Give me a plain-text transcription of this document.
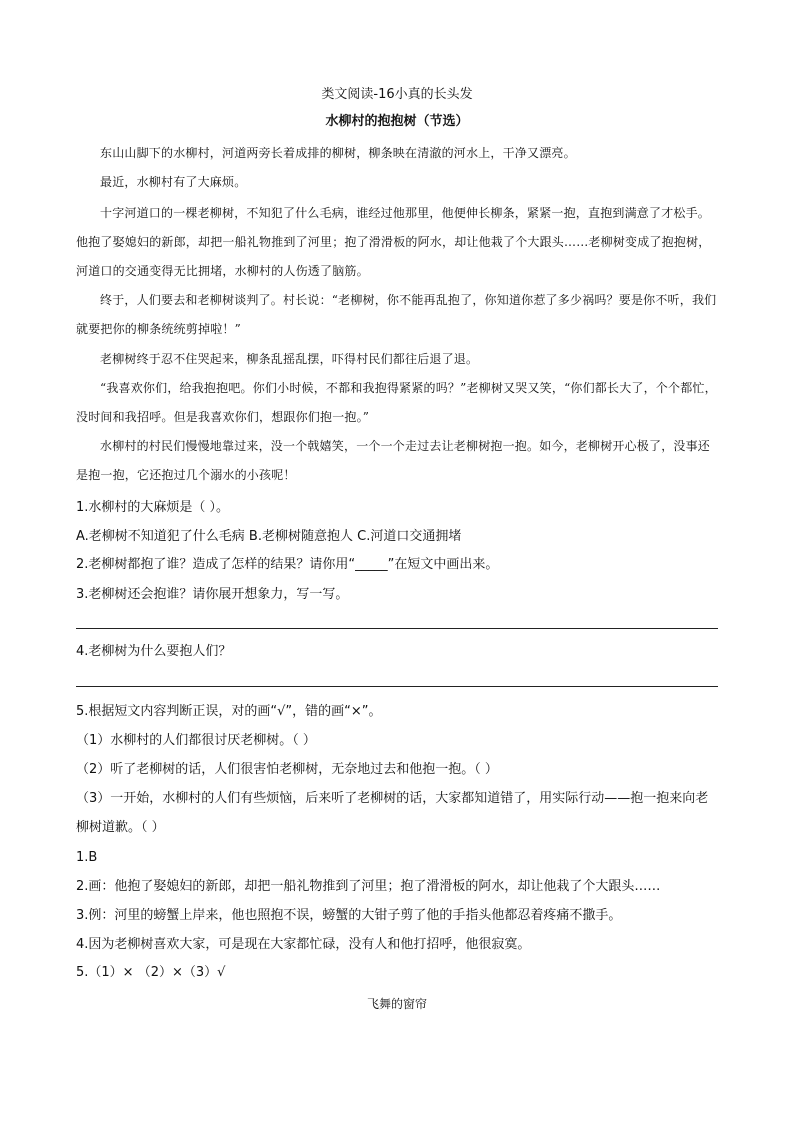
类文阅读-16小真的长头发
水柳村的抱抱树（节选）
东山山脚下的水柳村，河道两旁长着成排的柳树，柳条映在清澈的河水上，干净又漂亮。
最近，水柳村有了大麻烦。
十字河道口的一棵老柳树，不知犯了什么毛病，谁经过他那里，他便伸长柳条，紧紧一抱，直抱到满意了才松手。他抱了娶媳妇的新郎，却把一船礼物推到了河里；抱了滑滑板的阿水，却让他栽了个大跟头……老柳树变成了抱抱树，河道口的交通变得无比拥堵，水柳村的人伤透了脑筋。
终于，人们要去和老柳树谈判了。村长说：“老柳树，你不能再乱抱了，你知道你惹了多少祸吗？要是你不听，我们就要把你的柳条统统剪掉啦！”
老柳树终于忍不住哭起来，柳条乱摇乱摆，吓得村民们都往后退了退。
“我喜欢你们，给我抱抱吧。你们小时候，不都和我抱得紧紧的吗？”老柳树又哭又笑，“你们都长大了，个个都忙，没时间和我招呼。但是我喜欢你们，想跟你们抱一抱。”
水柳村的村民们慢慢地靠过来，没一个戟嬉笑，一个一个走过去让老柳树抱一抱。如今，老柳树开心极了，没事还是抱一抱，它还抱过几个溺水的小孩呢！
1.水柳村的大麻烦是（ ）。
A.老柳树不知道犯了什么毛病 B.老柳树随意抱人 C.河道口交通拥堵
2.老柳树都抱了谁？造成了怎样的结果？请你用“_____”在短文中画出来。
3.老柳树还会抱谁？请你展开想象力，写一写。
4.老柳树为什么要抱人们？
5.根据短文内容判断正误，对的画“√”，错的画“×”。
（1）水柳村的人们都很讨厌老柳树。（ ）
（2）听了老柳树的话，人们很害怕老柳树，无奈地过去和他抱一抱。（ ）
（3）一开始，水柳村的人们有些烦恼，后来听了老柳树的话，大家都知道错了，用实际行动——抱一抱来向老柳树道歉。（ ）
1.B
2.画：他抱了娶媳妇的新郎，却把一船礼物推到了河里；抱了滑滑板的阿水，却让他栽了个大跟头……
3.例：河里的螃蟹上岸来，他也照抱不误，螃蟹的大钳子剪了他的手指头他都忍着疼痛不撒手。
4.因为老柳树喜欢大家，可是现在大家都忙碌，没有人和他打招呼，他很寂寞。
5.（1）× （2）×（3）√
飞舞的窗帘
